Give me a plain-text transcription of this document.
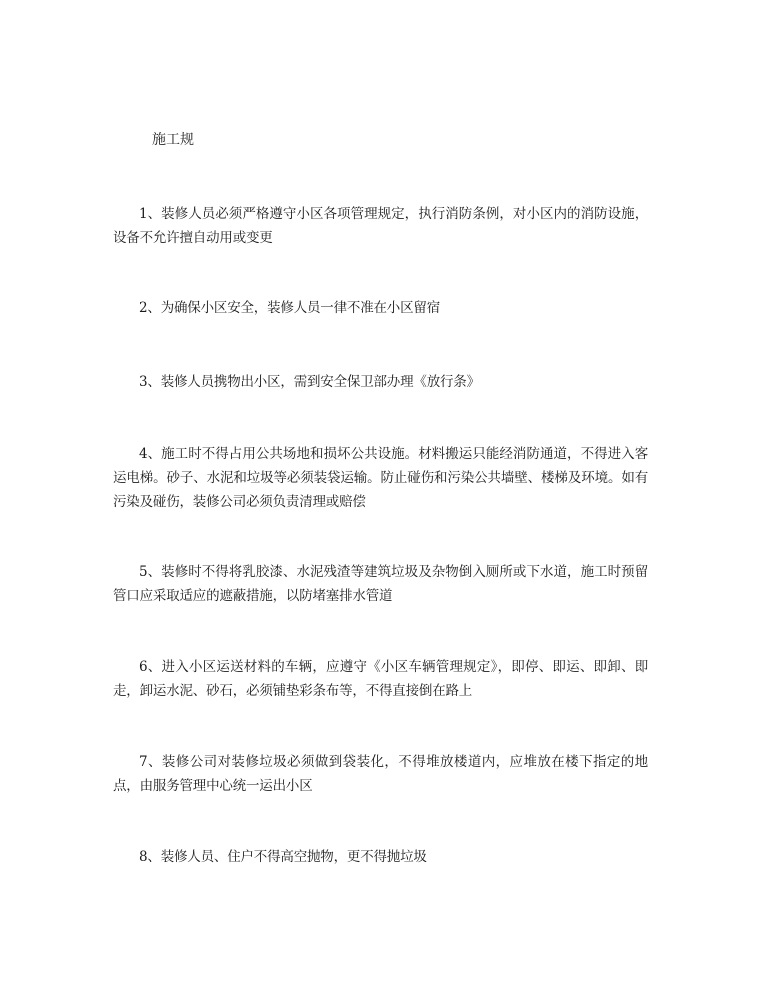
施工规
1、装修人员必须严格遵守小区各项管理规定，执行消防条例，对小区内的消防设施，设备不允许擅自动用或变更
2、为确保小区安全，装修人员一律不准在小区留宿
3、装修人员携物出小区，需到安全保卫部办理《放行条》
4、施工时不得占用公共场地和损坏公共设施。材料搬运只能经消防通道，不得进入客运电梯。砂子、水泥和垃圾等必须装袋运输。防止碰伤和污染公共墙壁、楼梯及环境。如有污染及碰伤，装修公司必须负责清理或赔偿
5、装修时不得将乳胶漆、水泥残渣等建筑垃圾及杂物倒入厕所或下水道，施工时预留管口应采取适应的遮蔽措施，以防堵塞排水管道
6、进入小区运送材料的车辆，应遵守《小区车辆管理规定》，即停、即运、即卸、即走，卸运水泥、砂石，必须铺垫彩条布等，不得直接倒在路上
7、装修公司对装修垃圾必须做到袋装化，不得堆放楼道内，应堆放在楼下指定的地点，由服务管理中心统一运出小区
8、装修人员、住户不得高空抛物，更不得抛垃圾
